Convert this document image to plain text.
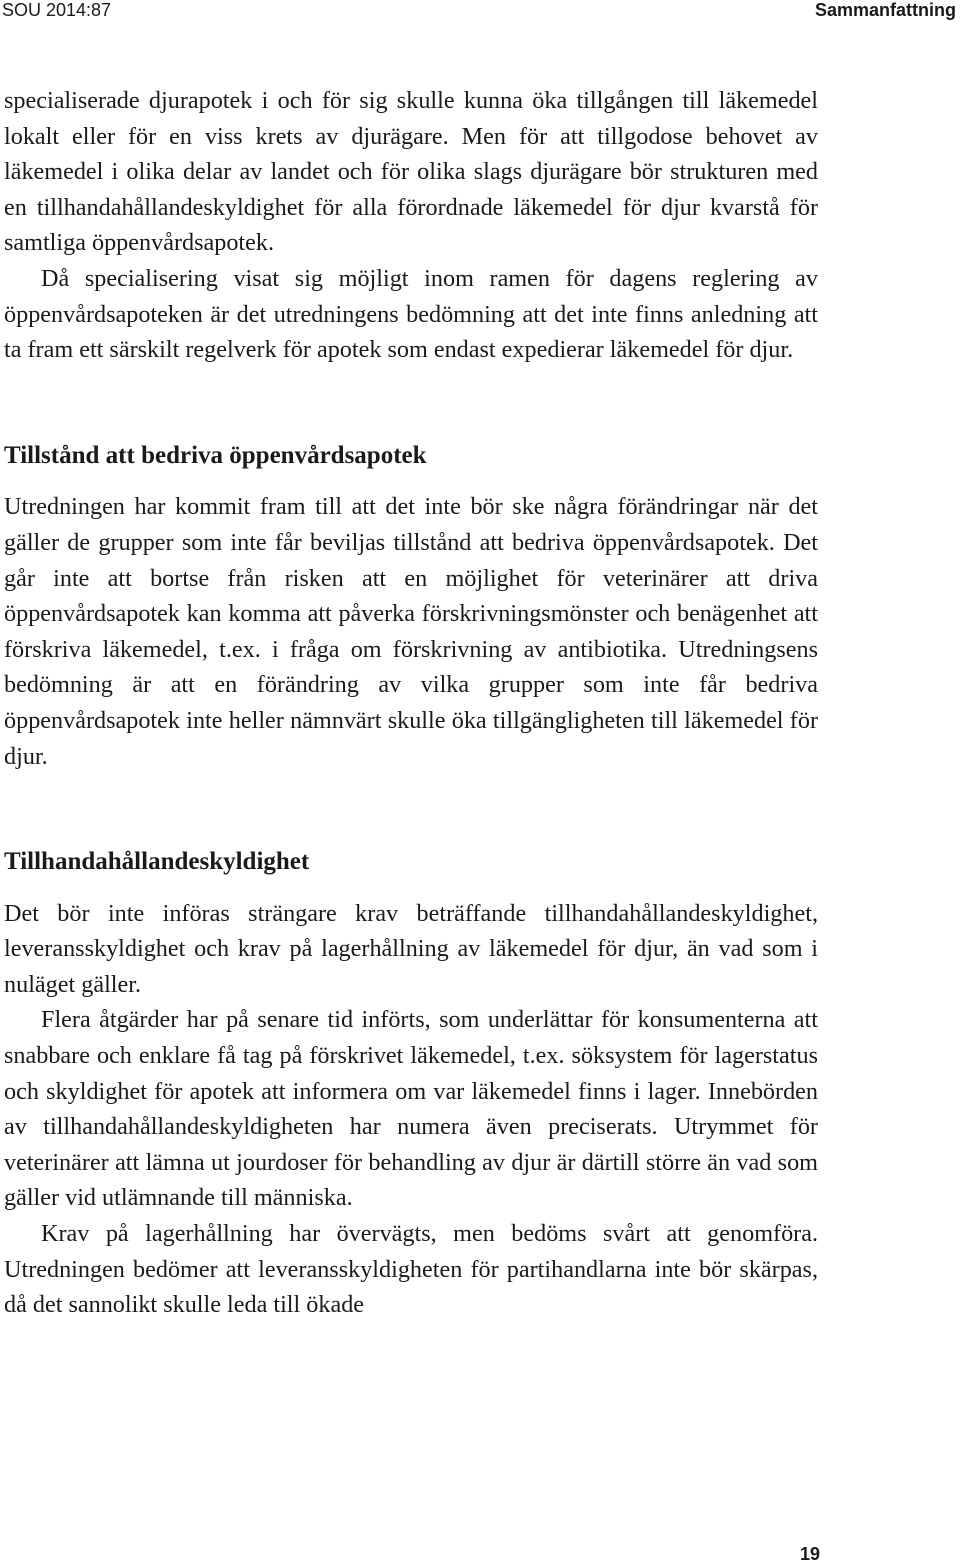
SOU 2014:87	Sammanfattning

specialiserade djurapotek i och för sig skulle kunna öka tillgången till läkemedel lokalt eller för en viss krets av djurägare. Men för att tillgodose behovet av läkemedel i olika delar av landet och för olika slags djurägare bör strukturen med en tillhandahållandeskyldighet för alla förordnade läkemedel för djur kvarstå för samtliga öppenvårdsapotek.

Då specialisering visat sig möjligt inom ramen för dagens reglering av öppenvårdsapoteken är det utredningens bedömning att det inte finns anledning att ta fram ett särskilt regelverk för apotek som endast expedierar läkemedel för djur.

Tillstånd att bedriva öppenvårdsapotek

Utredningen har kommit fram till att det inte bör ske några förändringar när det gäller de grupper som inte får beviljas tillstånd att bedriva öppenvårdsapotek. Det går inte att bortse från risken att en möjlighet för veterinärer att driva öppenvårdsapotek kan komma att påverka förskrivningsmönster och benägenhet att förskriva läkemedel, t.ex. i fråga om förskrivning av antibiotika. Utredningsens bedömning är att en förändring av vilka grupper som inte får bedriva öppenvårdsapotek inte heller nämnvärt skulle öka tillgängligheten till läkemedel för djur.

Tillhandahållandeskyldighet

Det bör inte införas strängare krav beträffande tillhandahållandeskyldighet, leveransskyldighet och krav på lagerhållning av läkemedel för djur, än vad som i nuläget gäller.

Flera åtgärder har på senare tid införts, som underlättar för konsumenterna att snabbare och enklare få tag på förskrivet läkemedel, t.ex. söksystem för lagerstatus och skyldighet för apotek att informera om var läkemedel finns i lager. Innebörden av tillhandahållandeskyldigheten har numera även preciserats. Utrymmet för veterinärer att lämna ut jourdoser för behandling av djur är därtill större än vad som gäller vid utlämnande till människa.

Krav på lagerhållning har övervägts, men bedöms svårt att genomföra. Utredningen bedömer att leveransskyldigheten för partihandlarna inte bör skärpas, då det sannolikt skulle leda till ökade

19
